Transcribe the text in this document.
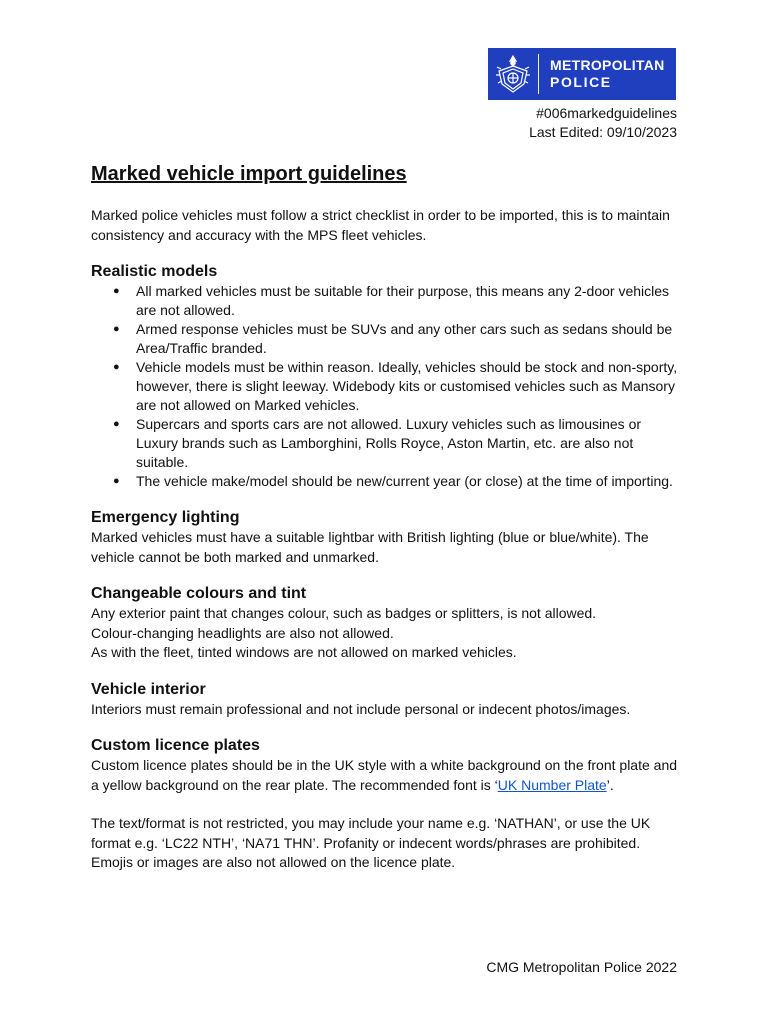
METROPOLITAN
POLICE
#006markedguidelines
Last Edited: 09/10/2023
Marked vehicle import guidelines

Marked police vehicles must follow a strict checklist in order to be imported, this is to maintain consistency and accuracy with the MPS fleet vehicles.

Realistic models
● All marked vehicles must be suitable for their purpose, this means any 2-door vehicles are not allowed.
● Armed response vehicles must be SUVs and any other cars such as sedans should be Area/Traffic branded.
● Vehicle models must be within reason. Ideally, vehicles should be stock and non-sporty, however, there is slight leeway. Widebody kits or customised vehicles such as Mansory are not allowed on Marked vehicles.
● Supercars and sports cars are not allowed. Luxury vehicles such as limousines or Luxury brands such as Lamborghini, Rolls Royce, Aston Martin, etc. are also not suitable.
● The vehicle make/model should be new/current year (or close) at the time of importing.
Emergency lighting

Marked vehicles must have a suitable lightbar with British lighting (blue or blue/white). The vehicle cannot be both marked and unmarked.

Changeable colours and tint

Any exterior paint that changes colour, such as badges or splitters, is not allowed.

Colour-changing headlights are also not allowed.

As with the fleet, tinted windows are not allowed on marked vehicles.

Vehicle interior

Interiors must remain professional and not include personal or indecent photos/images.

Custom licence plates

Custom licence plates should be in the UK style with a white background on the front plate and a yellow background on the rear plate. The recommended font is ‘UK Number Plate’.

The text/format is not restricted, you may include your name e.g. ‘NATHAN’, or use the UK format e.g. ‘LC22 NTH’, ‘NA71 THN’. Profanity or indecent words/phrases are prohibited. Emojis or images are also not allowed on the licence plate.

CMG Metropolitan Police 2022
